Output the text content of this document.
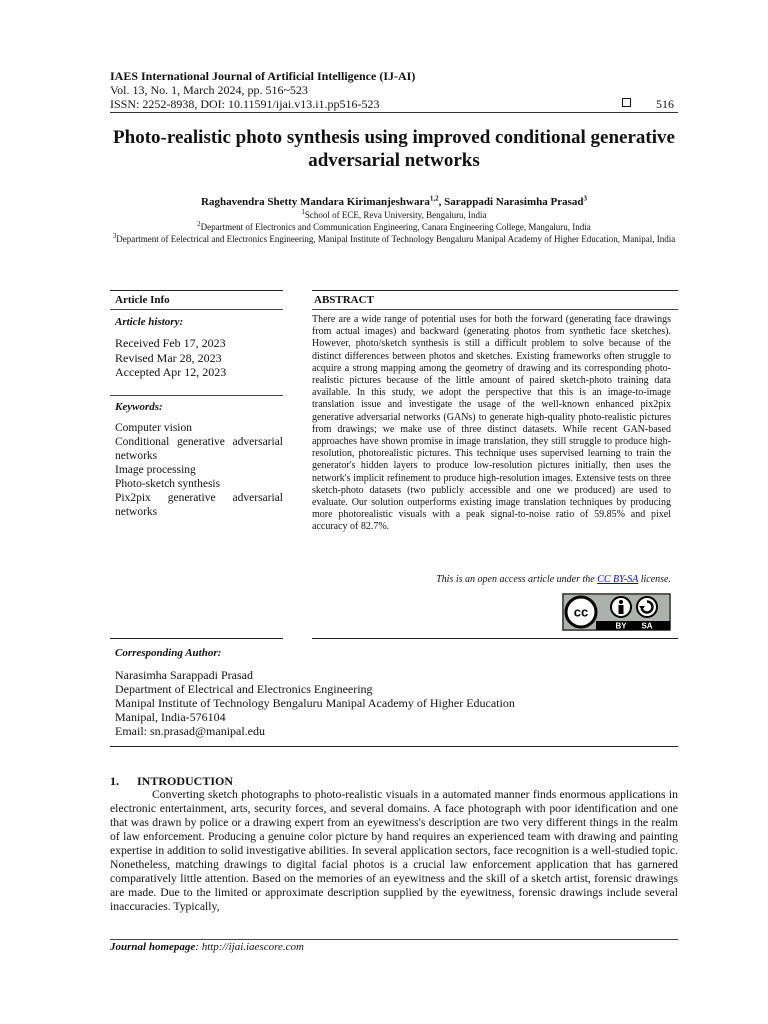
IAES International Journal of Artificial Intelligence (IJ-AI)
Vol. 13, No. 1, March 2024, pp. 516~523
ISSN: 2252-8938, DOI: 10.11591/ijai.v13.i1.pp516-523	516
Photo-realistic photo synthesis using improved conditional generative adversarial networks
Raghavendra Shetty Mandara Kirimanjeshwara$^{1,2}$, Sarappadi Narasimha Prasad$^3$
$^1$School of ECE, Reva University, Bengaluru, India
$^2$Department of Electronics and Communication Engineering, Canara Engineering College, Mangaluru, India
$^3$Department of Eelectrical and Electronics Engineering, Manipal Institute of Technology Bengaluru Manipal Academy of Higher Education, Manipal, India
Article Info	ABSTRACT
Article history:
Received Feb 17, 2023
Revised Mar 28, 2023
Accepted Apr 12, 2023
Keywords:
Computer vision
Conditional generative adversarial networks
Image processing
Photo-sketch synthesis
Pix2pix generative adversarial networks
There are a wide range of potential uses for both the forward (generating face drawings from actual images) and backward (generating photos from synthetic face sketches). However, photo/sketch synthesis is still a difficult problem to solve because of the distinct differences between photos and sketches. Existing frameworks often struggle to acquire a strong mapping among the geometry of drawing and its corresponding photo-realistic pictures because of the little amount of paired sketch-photo training data available. In this study, we adopt the perspective that this is an image-to-image translation issue and investigate the usage of the well-known enhanced pix2pix generative adversarial networks (GANs) to generate high-quality photo-realistic pictures from drawings; we make use of three distinct datasets. While recent GAN-based approaches have shown promise in image translation, they still struggle to produce high-resolution, photorealistic pictures. This technique uses supervised learning to train the generator's hidden layers to produce low-resolution pictures initially, then uses the network's implicit refinement to produce high-resolution images. Extensive tests on three sketch-photo datasets (two publicly accessible and one we produced) are used to evaluate. Our solution outperforms existing image translation techniques by producing more photorealistic visuals with a peak signal-to-noise ratio of 59.85% and pixel accuracy of 82.7%.
This is an open access article under the CC BY-SA license.
cc
BY SA
Corresponding Author:
Narasimha Sarappadi Prasad
Department of Electrical and Electronics Engineering
Manipal Institute of Technology Bengaluru Manipal Academy of Higher Education
Manipal, India-576104
Email: sn.prasad@manipal.edu
1. INTRODUCTION
Converting sketch photographs to photo-realistic visuals in a automated manner finds enormous applications in electronic entertainment, arts, security forces, and several domains. A face photograph with poor identification and one that was drawn by police or a drawing expert from an eyewitness's description are two very different things in the realm of law enforcement. Producing a genuine color picture by hand requires an experienced team with drawing and painting expertise in addition to solid investigative abilities. In several application sectors, face recognition is a well-studied topic. Nonetheless, matching drawings to digital facial photos is a crucial law enforcement application that has garnered comparatively little attention. Based on the memories of an eyewitness and the skill of a sketch artist, forensic drawings are made. Due to the limited or approximate description supplied by the eyewitness, forensic drawings include several inaccuracies. Typically,
Journal homepage: http://ijai.iaescore.com
